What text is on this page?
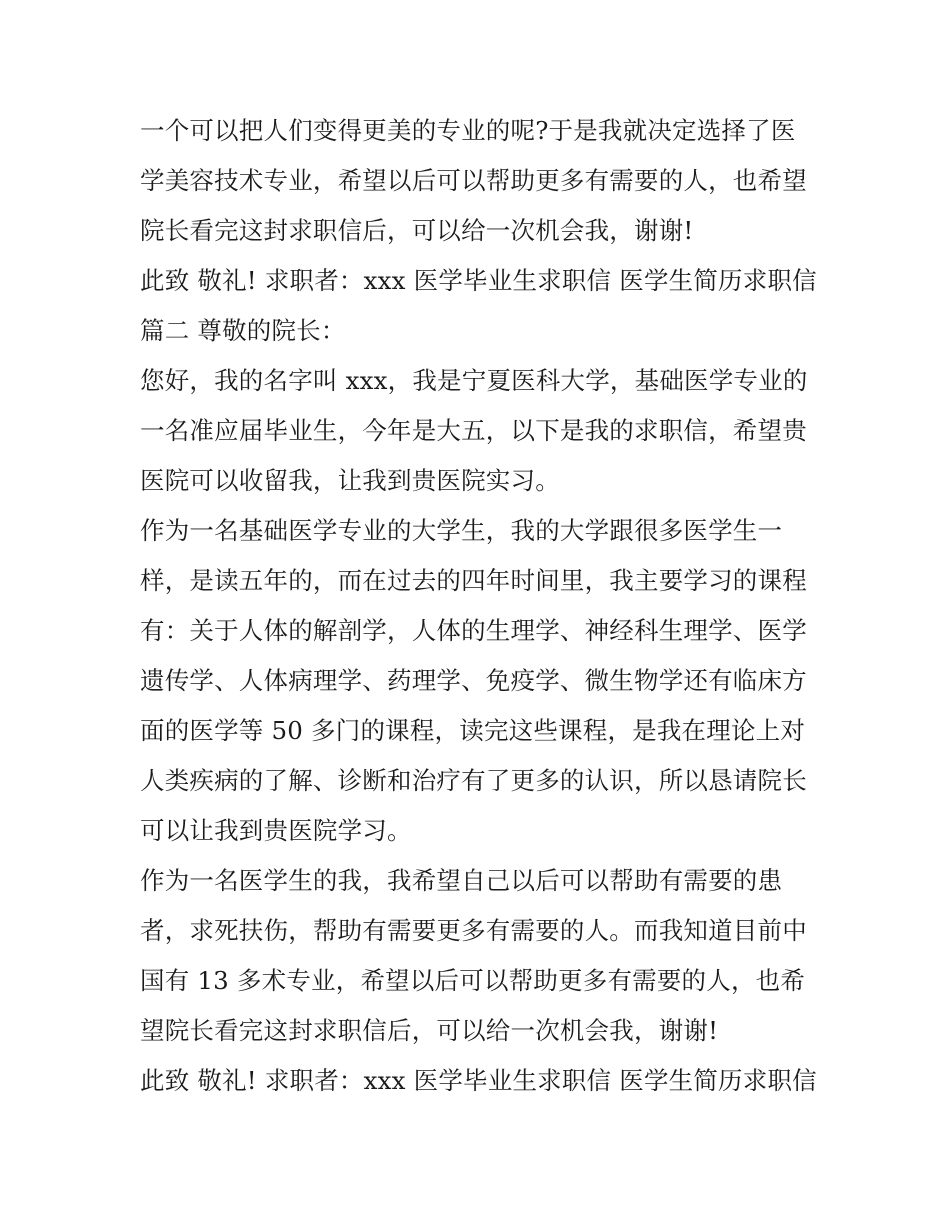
一个可以把人们变得更美的专业的呢?于是我就决定选择了医
学美容技术专业，希望以后可以帮助更多有需要的人，也希望
院长看完这封求职信后，可以给一次机会我，谢谢!
此致 敬礼! 求职者：xxx 医学毕业生求职信 医学生简历求职信
篇二 尊敬的院长：
您好，我的名字叫 xxx，我是宁夏医科大学，基础医学专业的
一名准应届毕业生，今年是大五，以下是我的求职信，希望贵
医院可以收留我，让我到贵医院实习。
作为一名基础医学专业的大学生，我的大学跟很多医学生一
样，是读五年的，而在过去的四年时间里，我主要学习的课程
有：关于人体的解剖学，人体的生理学、神经科生理学、医学
遗传学、人体病理学、药理学、免疫学、微生物学还有临床方
面的医学等 50 多门的课程，读完这些课程，是我在理论上对
人类疾病的了解、诊断和治疗有了更多的认识，所以恳请院长
可以让我到贵医院学习。
作为一名医学生的我，我希望自己以后可以帮助有需要的患
者，求死扶伤，帮助有需要更多有需要的人。而我知道目前中
国有 13 多术专业，希望以后可以帮助更多有需要的人，也希
望院长看完这封求职信后，可以给一次机会我，谢谢!
此致 敬礼! 求职者：xxx 医学毕业生求职信 医学生简历求职信
